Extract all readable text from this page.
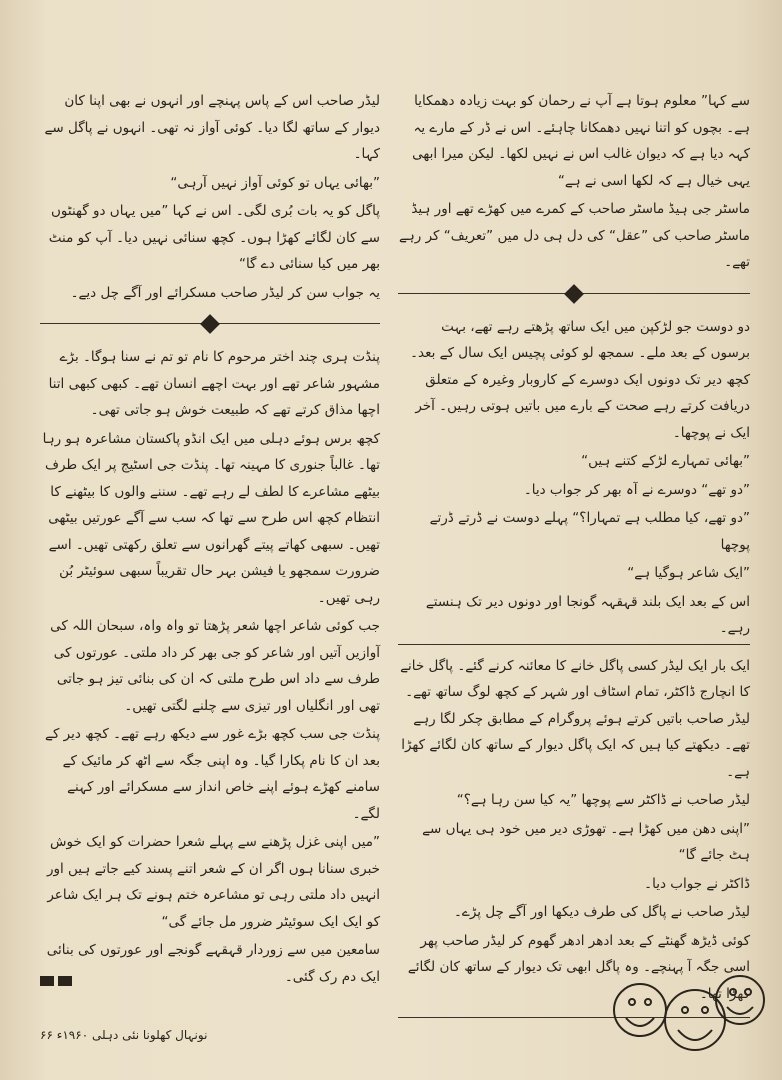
سے کہا” معلوم ہوتا ہے آپ نے رحمان کو بہت زیادہ دھمکایا ہے۔ بچوں کو اتنا نہیں دھمکانا چاہئے۔ اس نے ڈر کے مارے یہ کہہ دیا ہے کہ دیوان غالب اس نے نہیں لکھا۔ لیکن میرا ابھی یہی خیال ہے کہ لکھا اسی نے ہے“

ماسٹر جی ہیڈ ماسٹر صاحب کے کمرے میں کھڑے تھے اور ہیڈ ماسٹر صاحب کی ”عقل“ کی دل ہی دل میں ”تعریف“ کر رہے تھے۔

دو دوست جو لڑکپن میں ایک ساتھ پڑھتے رہے تھے، بہت برسوں کے بعد ملے۔ سمجھ لو کوئی پچیس ایک سال کے بعد۔ کچھ دیر تک دونوں ایک دوسرے کے کاروبار وغیرہ کے متعلق دریافت کرتے رہے صحت کے بارے میں باتیں ہوتی رہیں۔ آخر ایک نے پوچھا۔

”بھائی تمہارے لڑکے کتنے ہیں“

”دو تھے“ دوسرے نے آہ بھر کر جواب دیا۔

”دو تھے، کیا مطلب ہے تمہارا؟“ پہلے دوست نے ڈرتے ڈرتے پوچھا

”ایک شاعر ہوگیا ہے“

اس کے بعد ایک بلند قہقہہ گونجا اور دونوں دیر تک ہنستے رہے۔

ایک بار ایک لیڈر کسی پاگل خانے کا معائنہ کرنے گئے۔ پاگل خانے کا انچارج ڈاکٹر، تمام اسٹاف اور شہر کے کچھ لوگ ساتھ تھے۔ لیڈر صاحب باتیں کرتے ہوئے پروگرام کے مطابق چکر لگا رہے تھے۔ دیکھتے کیا ہیں کہ ایک پاگل دیوار کے ساتھ کان لگائے کھڑا ہے۔

لیڈر صاحب نے ڈاکٹر سے پوچھا ”یہ کیا سن رہا ہے؟“

”اپنی دھن میں کھڑا ہے۔ تھوڑی دیر میں خود ہی یہاں سے ہٹ جائے گا“

ڈاکٹر نے جواب دیا۔

لیڈر صاحب نے پاگل کی طرف دیکھا اور آگے چل پڑے۔

کوئی ڈیڑھ گھنٹے کے بعد ادھر ادھر گھوم کر لیڈر صاحب پھر اسی جگہ آ پہنچے۔ وہ پاگل ابھی تک دیوار کے ساتھ کان لگائے کھڑا تھا۔

لیڈر صاحب اس کے پاس پہنچے اور انہوں نے بھی اپنا کان دیوار کے ساتھ لگا دیا۔ کوئی آواز نہ تھی۔ انہوں نے پاگل سے کہا۔

”بھائی یہاں تو کوئی آواز نہیں آرہی“

پاگل کو یہ بات بُری لگی۔ اس نے کہا ”میں یہاں دو گھنٹوں سے کان لگائے کھڑا ہوں۔ کچھ سنائی نہیں دیا۔ آپ کو منٹ بھر میں کیا سنائی دے گا“

یہ جواب سن کر لیڈر صاحب مسکرائے اور آگے چل دیے۔

پنڈت ہری چند اختر مرحوم کا نام تو تم نے سنا ہوگا۔ بڑے مشہور شاعر تھے اور بہت اچھے انسان تھے۔ کبھی کبھی اتنا اچھا مذاق کرتے تھے کہ طبیعت خوش ہو جاتی تھی۔

کچھ برس ہوئے دہلی میں ایک انڈو پاکستان مشاعرہ ہو رہا تھا۔ غالباً جنوری کا مہینہ تھا۔ پنڈت جی اسٹیج پر ایک طرف بیٹھے مشاعرے کا لطف لے رہے تھے۔ سننے والوں کا بیٹھنے کا انتظام کچھ اس طرح سے تھا کہ سب سے آگے عورتیں بیٹھی تھیں۔ سبھی کھاتے پیتے گھرانوں سے تعلق رکھتی تھیں۔ اسے ضرورت سمجھو یا فیشن بہر حال تقریباً سبھی سوئیٹر بُن رہی تھیں۔

جب کوئی شاعر اچھا شعر پڑھتا تو واہ واہ، سبحان اللہ کی آوازیں آتیں اور شاعر کو جی بھر کر داد ملتی۔ عورتوں کی طرف سے داد اس طرح ملتی کہ ان کی بنائی تیز ہو جاتی تھی اور انگلیاں اور تیزی سے چلنے لگتی تھیں۔

پنڈت جی سب کچھ بڑے غور سے دیکھ رہے تھے۔ کچھ دیر کے بعد ان کا نام پکارا گیا۔ وہ اپنی جگہ سے اٹھ کر مائیک کے سامنے کھڑے ہوئے اپنے خاص انداز سے مسکرائے اور کہنے لگے۔

”میں اپنی غزل پڑھنے سے پہلے شعرا حضرات کو ایک خوش خبری سنانا ہوں اگر ان کے شعر اتنے پسند کیے جاتے ہیں اور انہیں داد ملتی رہی تو مشاعرہ ختم ہونے تک ہر ایک شاعر کو ایک ایک سوئیٹر ضرور مل جائے گی“

سامعین میں سے زوردار قہقہے گونجے اور عورتوں کی بنائی ایک دم رک گئی۔

نونہال کھلونا نئی دہلی ۱۹۶۰ء ۶۶
